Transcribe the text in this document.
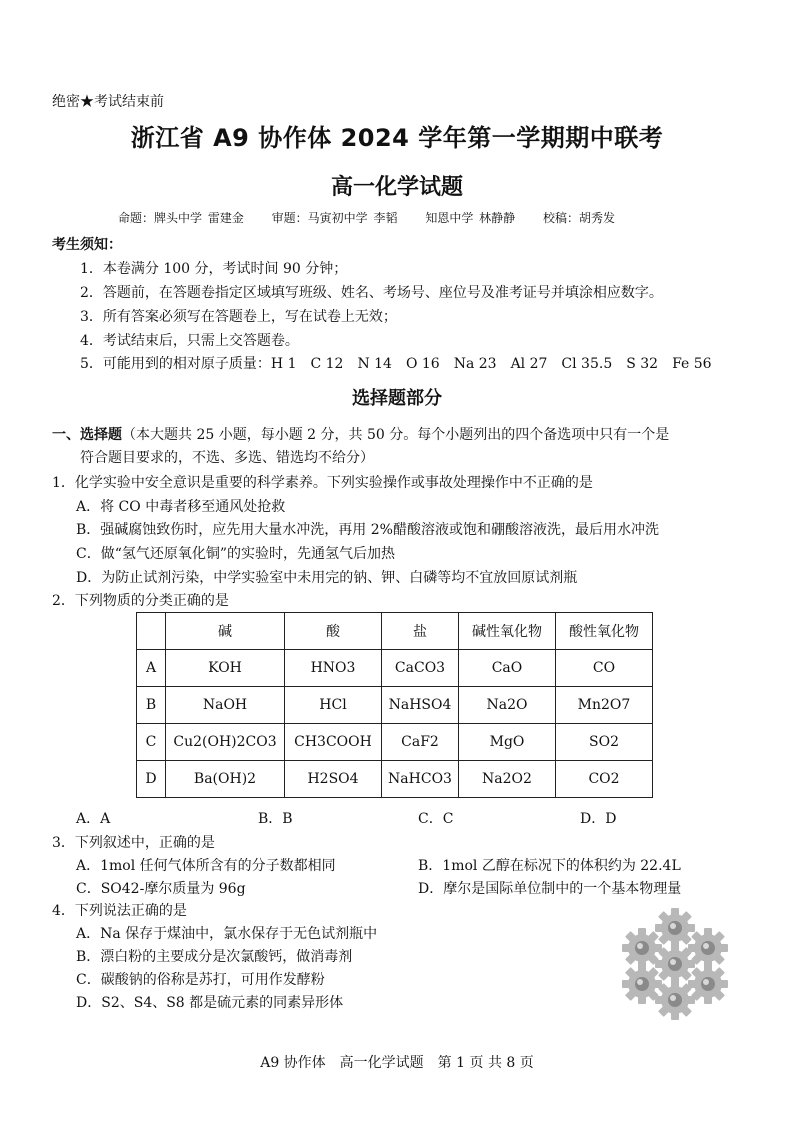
绝密★考试结束前
浙江省 A9 协作体 2024 学年第一学期期中联考
高一化学试题
命题：牌头中学 雷建金 审题：马寅初中学 李韬 知恩中学 林静静 校稿：胡秀发
考生须知：
1．本卷满分 100 分，考试时间 90 分钟；
2．答题前，在答题卷指定区域填写班级、姓名、考场号、座位号及准考证号并填涂相应数字。
3．所有答案必须写在答题卷上，写在试卷上无效；
4．考试结束后，只需上交答题卷。
5．可能用到的相对原子质量：H 1　C 12　N 14　O 16　Na 23　Al 27　Cl 35.5　S 32　Fe 56
选择题部分
一、选择题（本大题共 25 小题，每小题 2 分，共 50 分。每个小题列出的四个备选项中只有一个是
符合题目要求的，不选、多选、错选均不给分）
1．化学实验中安全意识是重要的科学素养。下列实验操作或事故处理操作中不正确的是
A．将 CO 中毒者移至通风处抢救
B．强碱腐蚀致伤时，应先用大量水冲洗，再用 2%醋酸溶液或饱和硼酸溶液洗，最后用水冲洗
C．做“氢气还原氧化铜”的实验时，先通氢气后加热
D．为防止试剂污染，中学实验室中未用完的钠、钾、白磷等均不宜放回原试剂瓶
2．下列物质的分类正确的是
	碱	酸	盐	碱性氧化物	酸性氧化物
A	KOH	HNO3	CaCO3	CaO	CO
B	NaOH	HCl	NaHSO4	Na2O	Mn2O7
C	Cu2(OH)2CO3	CH3COOH	CaF2	MgO	SO2
D	Ba(OH)2	H2SO4	NaHCO3	Na2O2	CO2
A．A	B．B	C．C	D．D
3．下列叙述中，正确的是
A．1mol 任何气体所含有的分子数都相同	B．1mol 乙醇在标况下的体积约为 22.4L
C．SO42-摩尔质量为 96g	D．摩尔是国际单位制中的一个基本物理量
4．下列说法正确的是
A．Na 保存于煤油中，氯水保存于无色试剂瓶中
B．漂白粉的主要成分是次氯酸钙，做消毒剂
C．碳酸钠的俗称是苏打，可用作发酵粉
D．S2、S4、S8 都是硫元素的同素异形体
A9 协作体　高一化学试题　第 1 页 共 8 页
